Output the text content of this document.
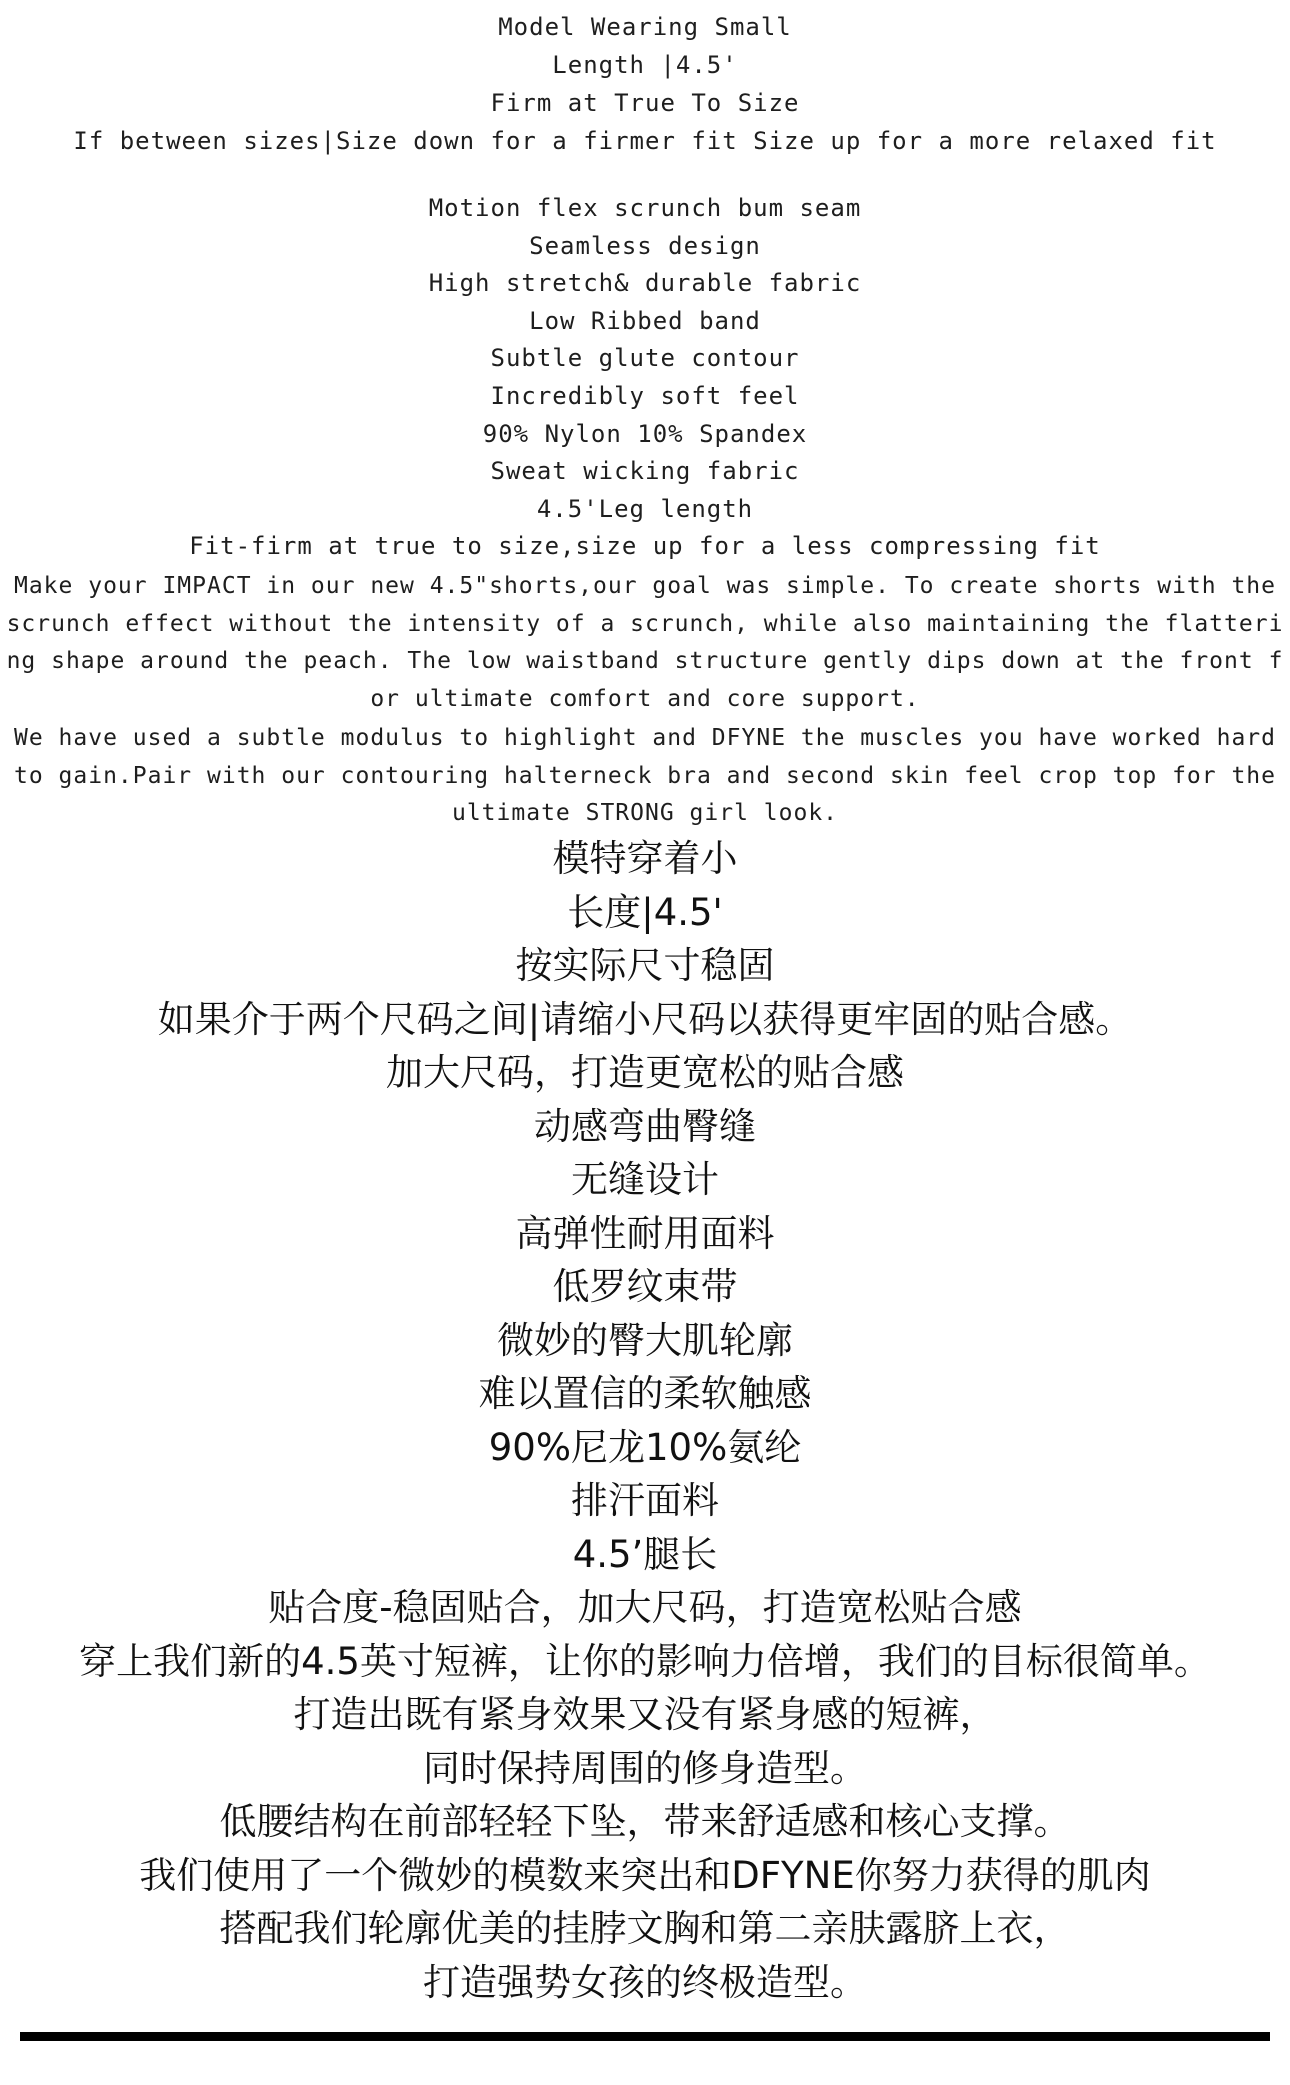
Model Wearing Small
Length |4.5'
Firm at True To Size
If between sizes|Size down for a firmer fit Size up for a more relaxed fit
Motion flex scrunch bum seam
Seamless design
High stretch& durable fabric
Low Ribbed band
Subtle glute contour
Incredibly soft feel
90% Nylon 10% Spandex
Sweat wicking fabric
4.5'Leg length
Fit-firm at true to size,size up for a less compressing fit
Make your IMPACT in our new 4.5"shorts,our goal was simple. To create shorts with the scrunch effect without the intensity of a scrunch, while also maintaining the flattering shape around the peach. The low waistband structure gently dips down at the front for ultimate comfort and core support.
We have used a subtle modulus to highlight and DFYNE the muscles you have worked hard to gain.Pair with our contouring halterneck bra and second skin feel crop top for the ultimate STRONG girl look.
模特穿着小
长度|4.5'
按实际尺寸稳固
如果介于两个尺码之间|请缩小尺码以获得更牢固的贴合感。
加大尺码，打造更宽松的贴合感
动感弯曲臀缝
无缝设计
高弹性耐用面料
低罗纹束带
微妙的臀大肌轮廓
难以置信的柔软触感
90%尼龙10%氨纶
排汗面料
4.5’腿长
贴合度-稳固贴合，加大尺码，打造宽松贴合感
穿上我们新的4.5英寸短裤，让你的影响力倍增，我们的目标很简单。
打造出既有紧身效果又没有紧身感的短裤，
同时保持周围的修身造型。
低腰结构在前部轻轻下坠，带来舒适感和核心支撑。
我们使用了一个微妙的模数来突出和DFYNE你努力获得的肌肉
搭配我们轮廓优美的挂脖文胸和第二亲肤露脐上衣，
打造强势女孩的终极造型。
